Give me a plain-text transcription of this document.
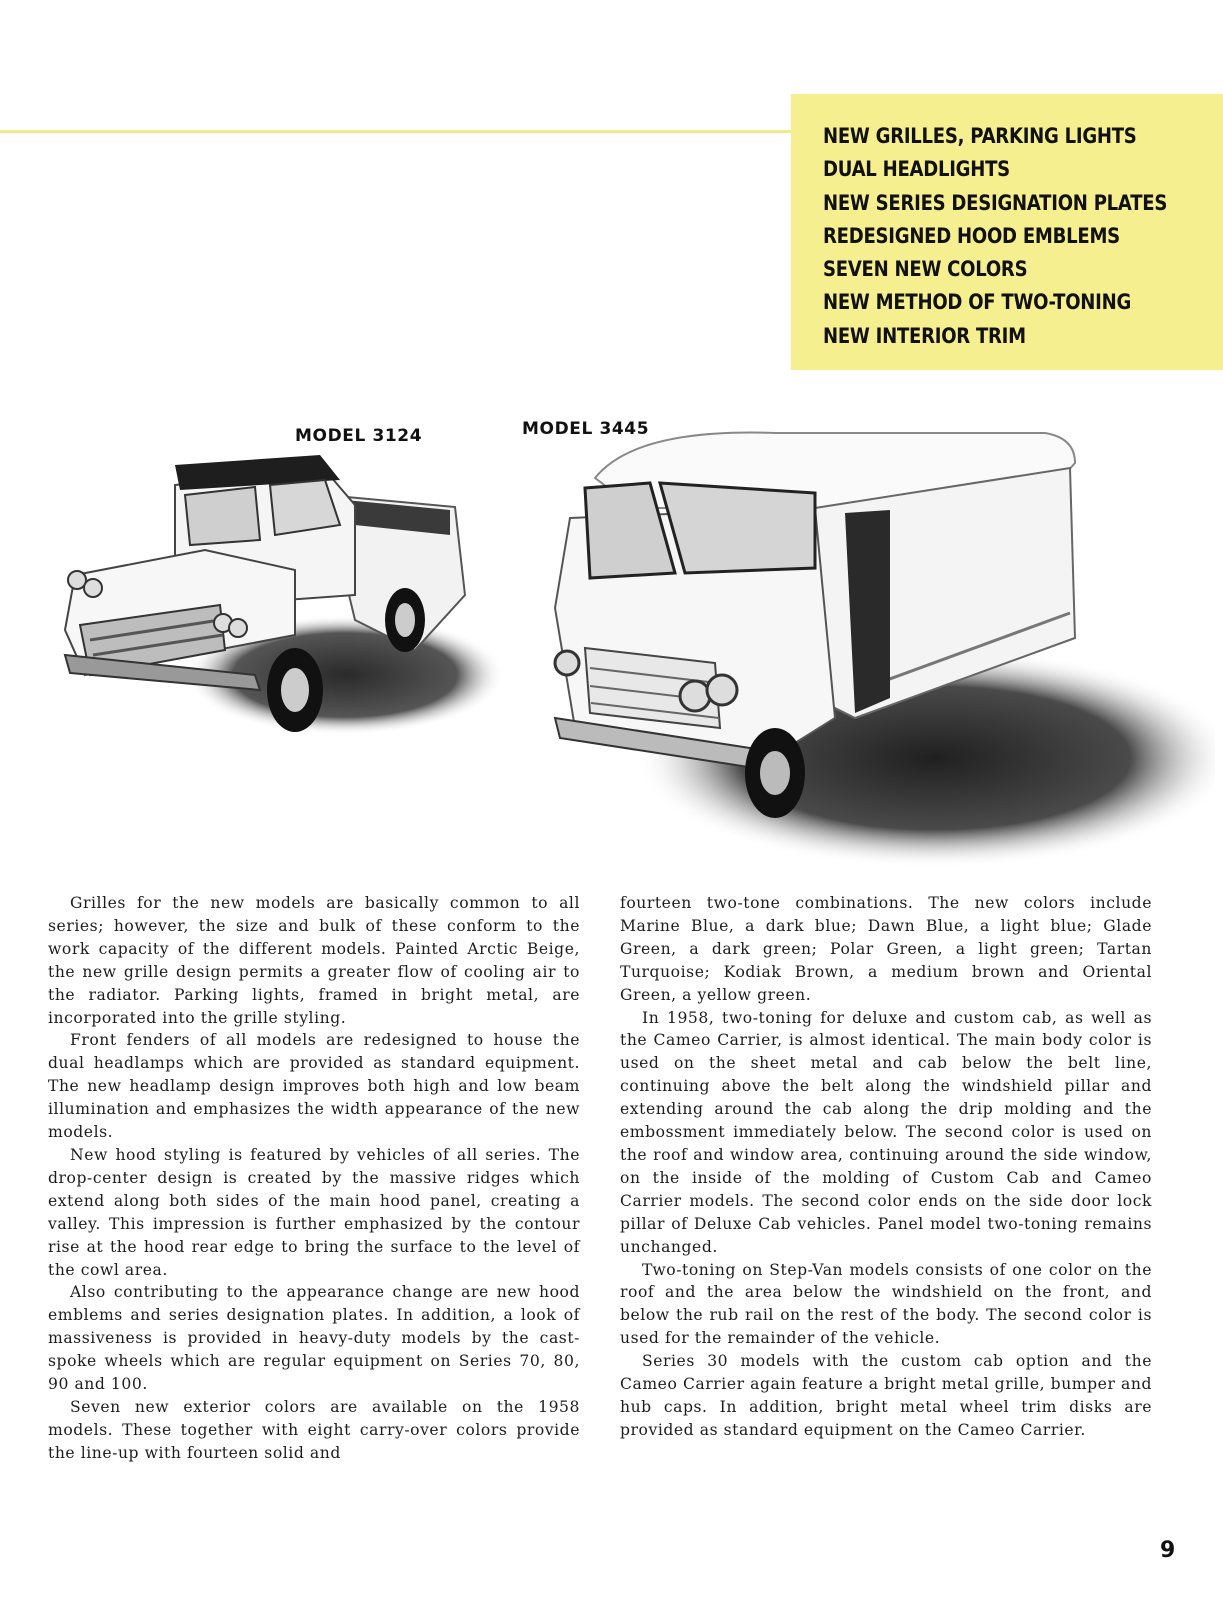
NEW GRILLES, PARKING LIGHTS
DUAL HEADLIGHTS
NEW SERIES DESIGNATION PLATES
REDESIGNED HOOD EMBLEMS
SEVEN NEW COLORS
NEW METHOD OF TWO-TONING
NEW INTERIOR TRIM
MODEL 3124	MODEL 3445

Grilles for the new models are basically common to all series; however, the size and bulk of these conform to the work capacity of the different models. Painted Arctic Beige, the new grille design permits a greater flow of cooling air to the radiator. Parking lights, framed in bright metal, are incorporated into the grille styling.

Front fenders of all models are redesigned to house the dual headlamps which are provided as standard equipment. The new headlamp design improves both high and low beam illumination and emphasizes the width appearance of the new models.

New hood styling is featured by vehicles of all series. The drop-center design is created by the massive ridges which extend along both sides of the main hood panel, creating a valley. This impression is further emphasized by the contour rise at the hood rear edge to bring the surface to the level of the cowl area.

Also contributing to the appearance change are new hood emblems and series designation plates. In addition, a look of massiveness is provided in heavy-duty models by the cast-spoke wheels which are regular equipment on Series 70, 80, 90 and 100.

Seven new exterior colors are available on the 1958 models. These together with eight carry-over colors provide the line-up with fourteen solid and

fourteen two-tone combinations. The new colors include Marine Blue, a dark blue; Dawn Blue, a light blue; Glade Green, a dark green; Polar Green, a light green; Tartan Turquoise; Kodiak Brown, a medium brown and Oriental Green, a yellow green.

In 1958, two-toning for deluxe and custom cab, as well as the Cameo Carrier, is almost identical. The main body color is used on the sheet metal and cab below the belt line, continuing above the belt along the windshield pillar and extending around the cab along the drip molding and the embossment immediately below. The second color is used on the roof and window area, continuing around the side window, on the inside of the molding of Custom Cab and Cameo Carrier models. The second color ends on the side door lock pillar of Deluxe Cab vehicles. Panel model two-toning remains unchanged.

Two-toning on Step-Van models consists of one color on the roof and the area below the windshield on the front, and below the rub rail on the rest of the body. The second color is used for the remainder of the vehicle.

Series 30 models with the custom cab option and the Cameo Carrier again feature a bright metal grille, bumper and hub caps. In addition, bright metal wheel trim disks are provided as standard equipment on the Cameo Carrier.

9
